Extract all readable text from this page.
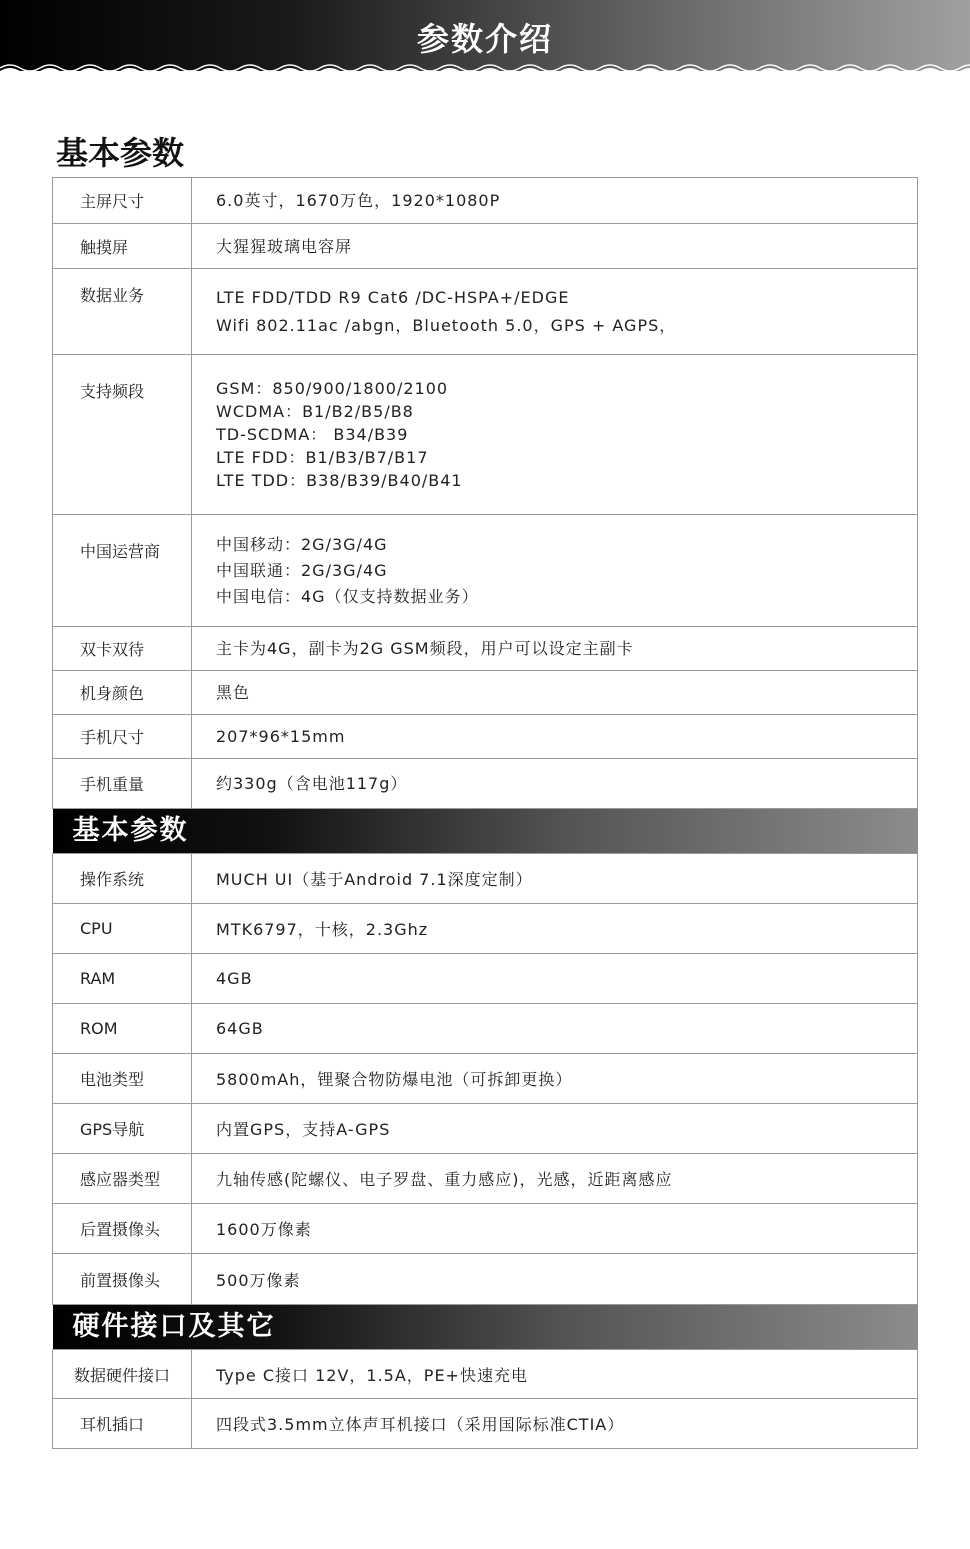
参数介绍
基本参数
主屏尺寸	6.0英寸，1670万色，1920*1080P

触摸屏	大猩猩玻璃电容屏

数据业务	LTE FDD/TDD R9 Cat6 /DC-HSPA+/EDGE
Wifi 802.11ac /abgn，Bluetooth 5.0，GPS + AGPS，

支持频段	GSM：850/900/1800/2100
WCDMA：B1/B2/B5/B8
TD-SCDMA： B34/B39
LTE FDD：B1/B3/B7/B17
LTE TDD：B38/B39/B40/B41

中国运营商	中国移动：2G/3G/4G
中国联通：2G/3G/4G
中国电信：4G（仅支持数据业务）

双卡双待	主卡为4G，副卡为2G GSM频段，用户可以设定主副卡

机身颜色	黑色

手机尺寸	207*96*15mm

手机重量	约330g（含电池117g）

基本参数	

操作系统	MUCH UI（基于Android 7.1深度定制）
CPU	MTK6797，十核，2.3Ghz
RAM	4GB
ROM	64GB
电池类型	5800mAh，锂聚合物防爆电池（可拆卸更换）
GPS导航	内置GPS，支持A-GPS
感应器类型	九轴传感(陀螺仪、电子罗盘、重力感应)，光感，近距离感应
后置摄像头	1600万像素
前置摄像头	500万像素

硬件接口及其它	

数据硬件接口	Type C接口 12V，1.5A，PE+快速充电
耳机插口	四段式3.5mm立体声耳机接口（采用国际标准CTIA）
